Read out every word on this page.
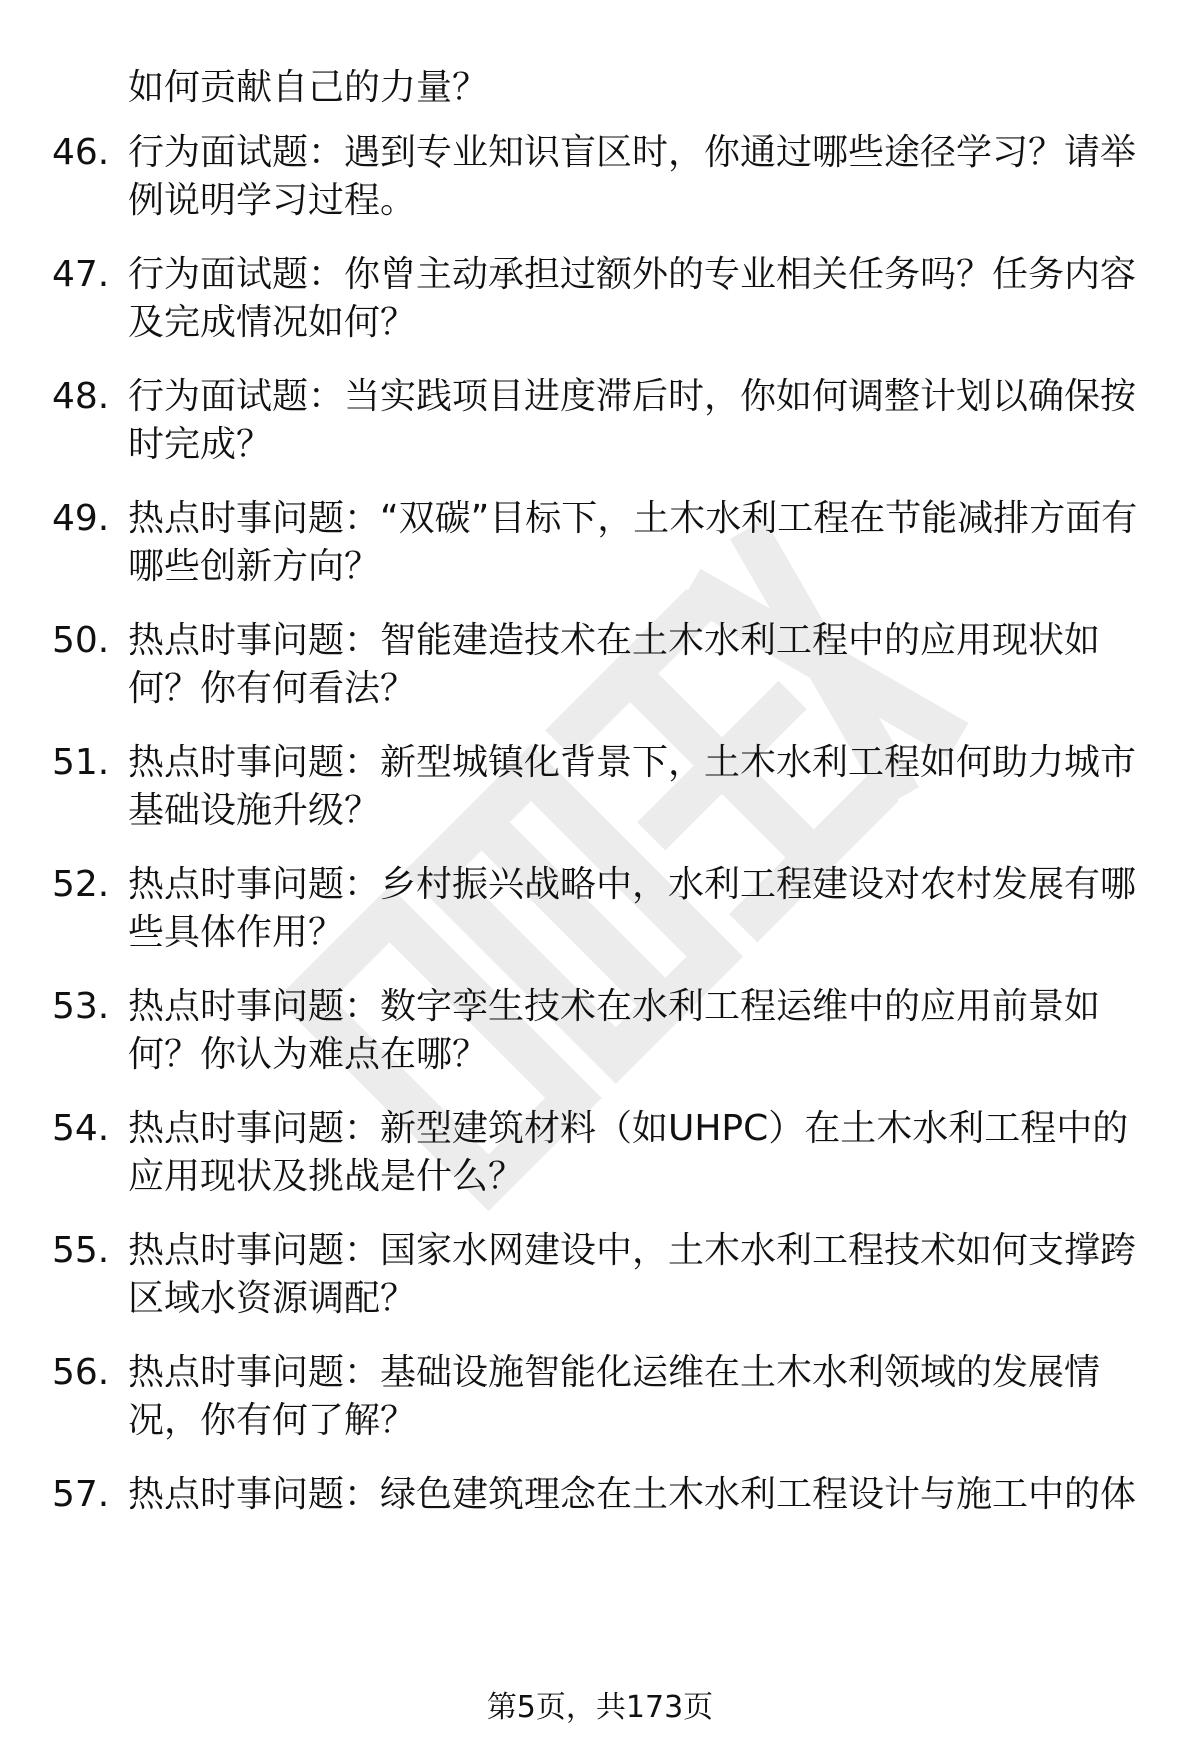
如何贡献自己的力量？
46. 行为面试题：遇到专业知识盲区时，你通过哪些途径学习？请举例说明学习过程。
47. 行为面试题：你曾主动承担过额外的专业相关任务吗？任务内容及完成情况如何？
48. 行为面试题：当实践项目进度滞后时，你如何调整计划以确保按时完成？
49. 热点时事问题：“双碳”目标下，土木水利工程在节能减排方面有哪些创新方向？
50. 热点时事问题：智能建造技术在土木水利工程中的应用现状如何？你有何看法？
51. 热点时事问题：新型城镇化背景下，土木水利工程如何助力城市基础设施升级？
52. 热点时事问题：乡村振兴战略中，水利工程建设对农村发展有哪些具体作用？
53. 热点时事问题：数字孪生技术在水利工程运维中的应用前景如何？你认为难点在哪？
54. 热点时事问题：新型建筑材料（如UHPC）在土木水利工程中的应用现状及挑战是什么？
55. 热点时事问题：国家水网建设中，土木水利工程技术如何支撑跨区域水资源调配？
56. 热点时事问题：基础设施智能化运维在土木水利领域的发展情况，你有何了解？
57. 热点时事问题：绿色建筑理念在土木水利工程设计与施工中的体
第5页，共173页
